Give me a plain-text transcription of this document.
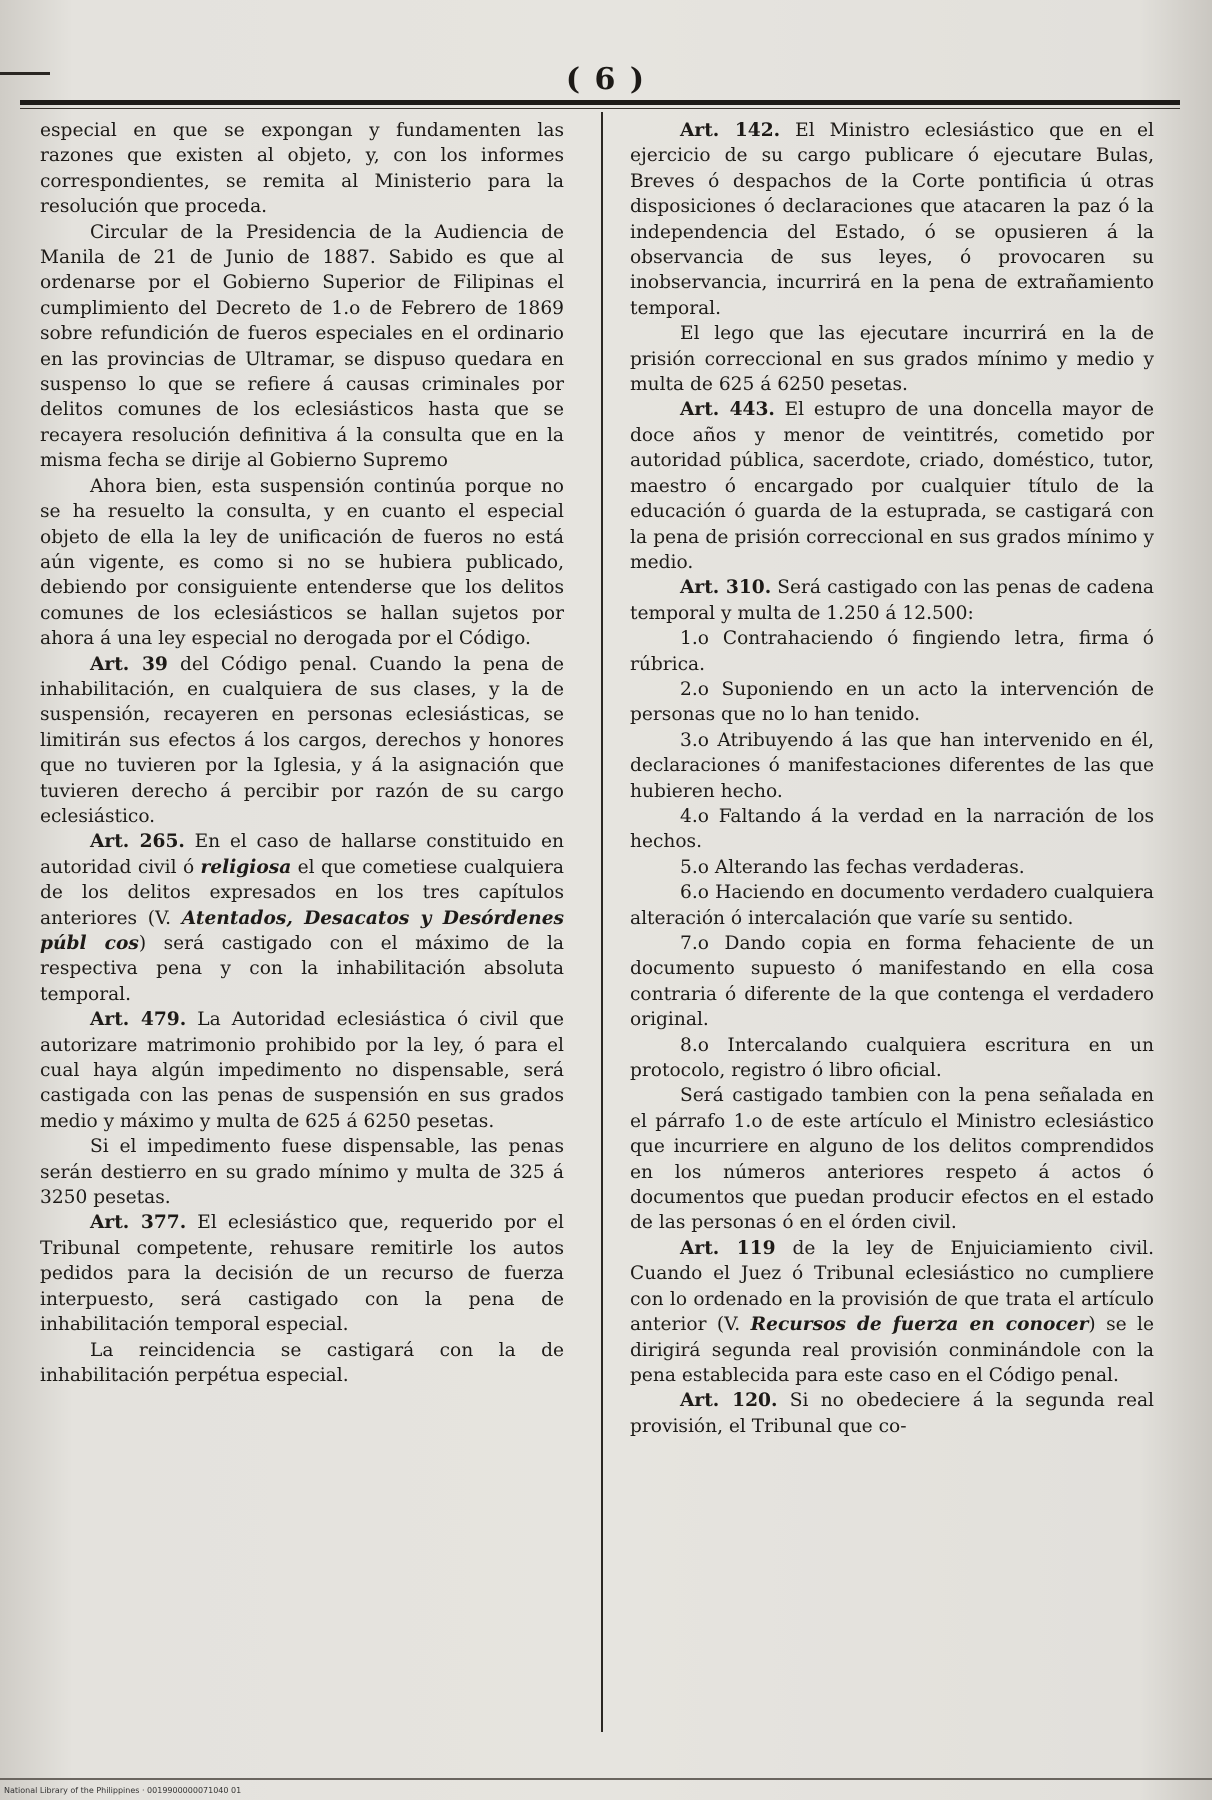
( 6 )

especial en que se expongan y fundamenten las razones que existen al objeto, y, con los informes correspondientes, se remita al Ministerio para la resolución que proceda.

Circular de la Presidencia de la Audiencia de Manila de 21 de Junio de 1887. Sabido es que al ordenarse por el Gobierno Superior de Filipinas el cumplimiento del Decreto de 1.o de Febrero de 1869 sobre refundición de fueros especiales en el ordinario en las provincias de Ultramar, se dispuso quedara en suspenso lo que se refiere á causas criminales por delitos comunes de los eclesiásticos hasta que se recayera resolución definitiva á la consulta que en la misma fecha se dirije al Gobierno Supremo

Ahora bien, esta suspensión continúa porque no se ha resuelto la consulta, y en cuanto el especial objeto de ella la ley de unificación de fueros no está aún vigente, es como si no se hubiera publicado, debiendo por consiguiente entenderse que los delitos comunes de los eclesiásticos se hallan sujetos por ahora á una ley especial no derogada por el Código.

Art. 39 del Código penal. Cuando la pena de inhabilitación, en cualquiera de sus clases, y la de suspensión, recayeren en personas eclesiásticas, se limitirán sus efectos á los cargos, derechos y honores que no tuvieren por la Iglesia, y á la asignación que tuvieren derecho á percibir por razón de su cargo eclesiástico.

Art. 265. En el caso de hallarse constituido en autoridad civil ó religiosa el que cometiese cualquiera de los delitos expresados en los tres capítulos anteriores (V. Atentados, Desacatos y Desórdenes públ cos) será castigado con el máximo de la respectiva pena y con la inhabilitación absoluta temporal.

Art. 479. La Autoridad eclesiástica ó civil que autorizare matrimonio prohibido por la ley, ó para el cual haya algún impedimento no dispensable, será castigada con las penas de suspensión en sus grados medio y máximo y multa de 625 á 6250 pesetas.

Si el impedimento fuese dispensable, las penas serán destierro en su grado mínimo y multa de 325 á 3250 pesetas.

Art. 377. El eclesiástico que, requerido por el Tribunal competente, rehusare remitirle los autos pedidos para la decisión de un recurso de fuerza interpuesto, será castigado con la pena de inhabilitación temporal especial.

La reincidencia se castigará con la de inhabilitación perpétua especial.

Art. 142. El Ministro eclesiástico que en el ejercicio de su cargo publicare ó ejecutare Bulas, Breves ó despachos de la Corte pontificia ú otras disposiciones ó declaraciones que atacaren la paz ó la independencia del Estado, ó se opusieren á la observancia de sus leyes, ó provocaren su inobservancia, incurrirá en la pena de extrañamiento temporal.

El lego que las ejecutare incurrirá en la de prisión correccional en sus grados mínimo y medio y multa de 625 á 6250 pesetas.

Art. 443. El estupro de una doncella mayor de doce años y menor de veintitrés, cometido por autoridad pública, sacerdote, criado, doméstico, tutor, maestro ó encargado por cualquier título de la educación ó guarda de la estuprada, se castigará con la pena de prisión correccional en sus grados mínimo y medio.

Art. 310. Será castigado con las penas de cadena temporal y multa de 1.250 á 12.500:

1.o Contrahaciendo ó fingiendo letra, firma ó rúbrica.

2.o Suponiendo en un acto la intervención de personas que no lo han tenido.

3.o Atribuyendo á las que han intervenido en él, declaraciones ó manifestaciones diferentes de las que hubieren hecho.

4.o Faltando á la verdad en la narración de los hechos.

5.o Alterando las fechas verdaderas.

6.o Haciendo en documento verdadero cualquiera alteración ó intercalación que varíe su sentido.

7.o Dando copia en forma fehaciente de un documento supuesto ó manifestando en ella cosa contraria ó diferente de la que contenga el verdadero original.

8.o Intercalando cualquiera escritura en un protocolo, registro ó libro oficial.

Será castigado tambien con la pena señalada en el párrafo 1.o de este artículo el Ministro eclesiástico que incurriere en alguno de los delitos comprendidos en los números anteriores respeto á actos ó documentos que puedan producir efectos en el estado de las personas ó en el órden civil.

Art. 119 de la ley de Enjuiciamiento civil. Cuando el Juez ó Tribunal eclesiástico no cumpliere con lo ordenado en la provisión de que trata el artículo anterior (V. Recursos de fuerza en conocer) se le dirigirá segunda real provisión conminándole con la pena establecida para este caso en el Código penal.

Art. 120. Si no obedeciere á la segunda real provisión, el Tribunal que co-

National Library of the Philippines · 0019900000071040 01
